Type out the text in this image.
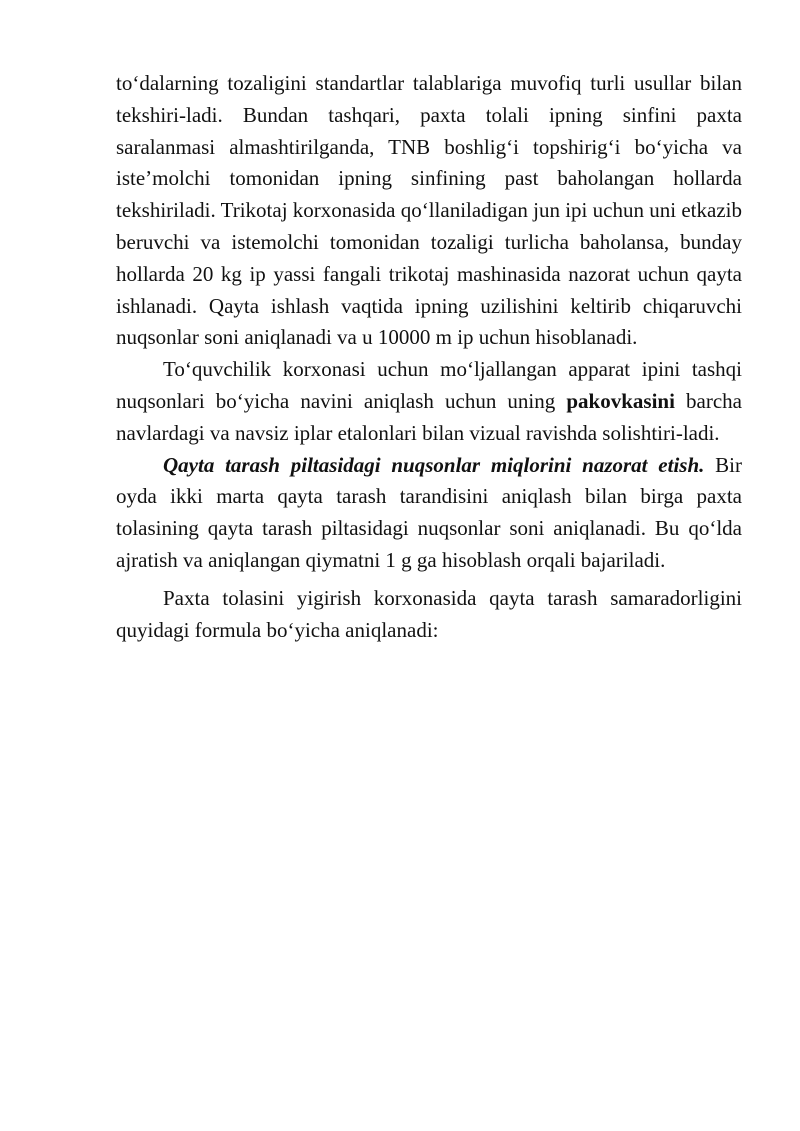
to‘dalarning tozaligini standartlar talablariga muvofiq turli usullar bilan tekshiri-ladi. Bundan tashqari, paxta tolali ipning sinfini paxta saralanmasi almashtirilganda, TNB boshlig‘i topshirig‘i bo‘yicha va iste’molchi tomonidan ipning sinfining past baholangan hollarda tekshiriladi. Trikotaj korxonasida qo‘llaniladigan jun ipi uchun uni etkazib beruvchi va istemolchi tomonidan tozaligi turlicha baholansa, bunday hollarda 20 kg ip yassi fangali trikotaj mashinasida nazorat uchun qayta ishlanadi. Qayta ishlash vaqtida ipning uzilishini keltirib chiqaruvchi nuqsonlar soni aniqlanadi va u 10000 m ip uchun hisoblanadi.

To‘quvchilik korxonasi uchun mo‘ljallangan apparat ipini tashqi nuqsonlari bo‘yicha navini aniqlash uchun uning pakovkasini barcha navlardagi va navsiz iplar etalonlari bilan vizual ravishda solishtiri-ladi.

Qayta tarash piltasidagi nuqsonlar miqlorini nazorat etish. Bir oyda ikki marta qayta tarash tarandisini aniqlash bilan birga paxta tolasining qayta tarash piltasidagi nuqsonlar soni aniqlanadi. Bu qo‘lda ajratish va aniqlangan qiymatni 1 g ga hisoblash orqali bajariladi.

Paxta tolasini yigirish korxonasida qayta tarash samaradorligini quyidagi formula bo‘yicha aniqlanadi:
